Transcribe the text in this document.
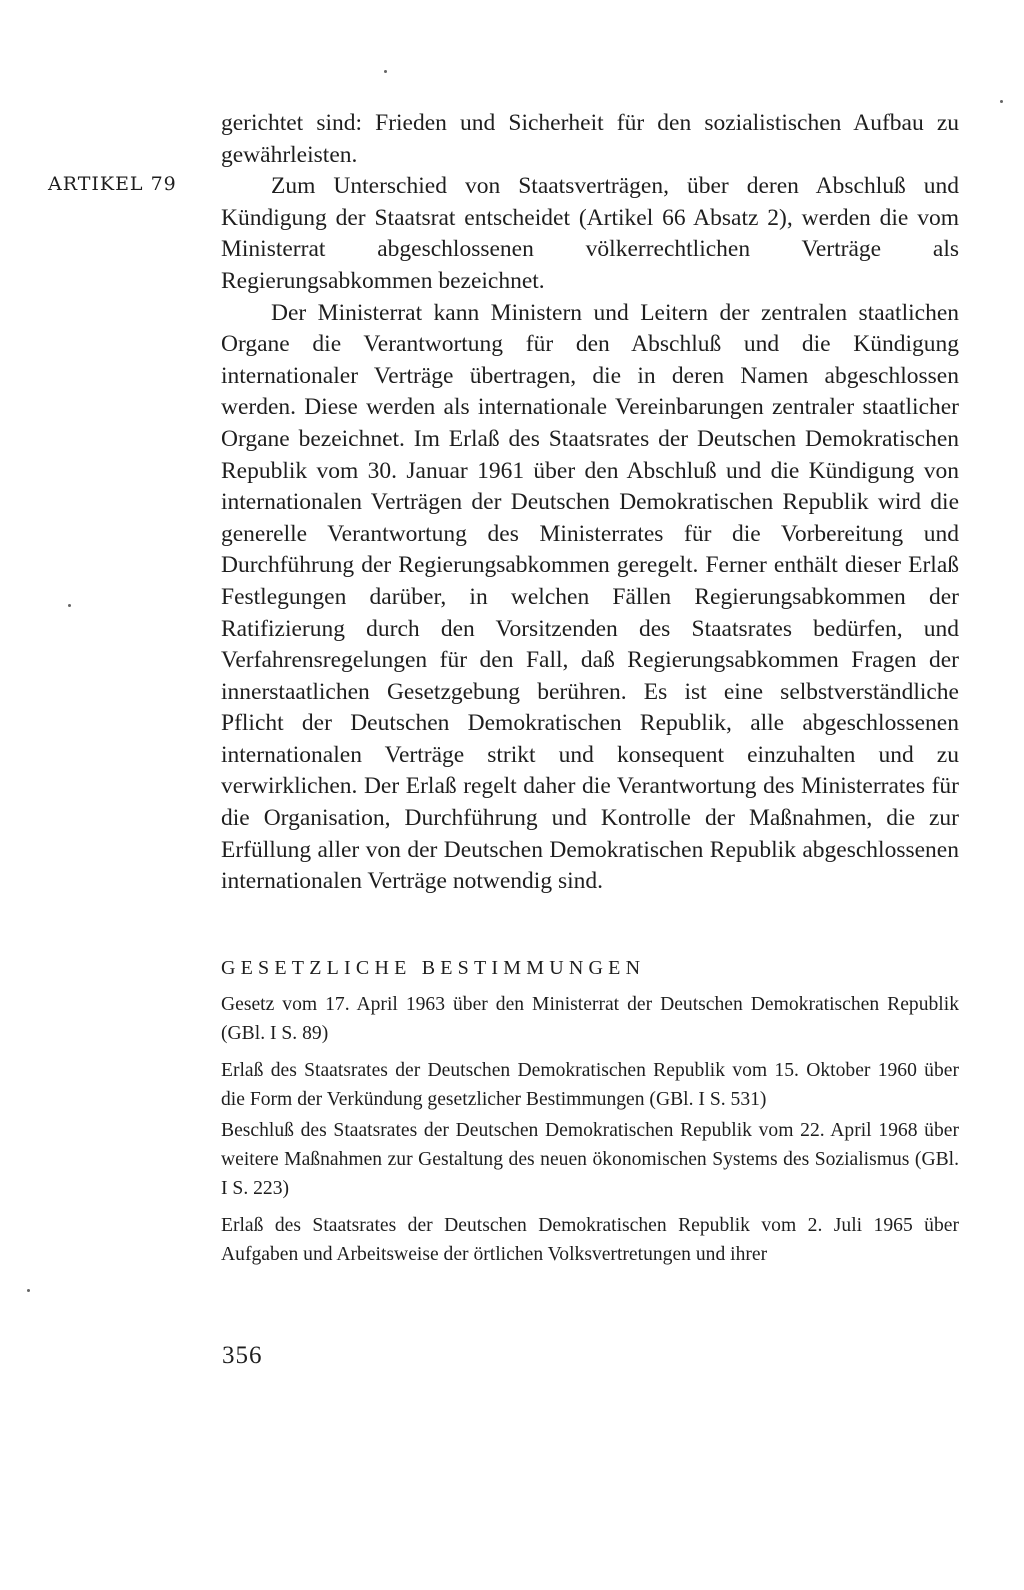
ARTIKEL 79

gerichtet sind: Frieden und Sicherheit für den sozialistischen Aufbau zu gewährleisten.

Zum Unterschied von Staatsverträgen, über deren Abschluß und Kündigung der Staatsrat entscheidet (Artikel 66 Absatz 2), werden die vom Ministerrat abgeschlossenen völkerrechtlichen Verträge als Regierungsabkommen bezeichnet.

Der Ministerrat kann Ministern und Leitern der zentralen staatlichen Organe die Verantwortung für den Abschluß und die Kündigung internationaler Verträge übertragen, die in deren Namen abgeschlossen werden. Diese werden als internationale Vereinbarungen zentraler staatlicher Organe bezeichnet. Im Erlaß des Staatsrates der Deutschen Demokratischen Republik vom 30. Januar 1961 über den Abschluß und die Kündigung von internationalen Verträgen der Deutschen Demokratischen Republik wird die generelle Verantwortung des Ministerrates für die Vorbereitung und Durchführung der Regierungsabkommen geregelt. Ferner enthält dieser Erlaß Festlegungen darüber, in welchen Fällen Regierungsabkommen der Ratifizierung durch den Vorsitzenden des Staatsrates bedürfen, und Verfahrensregelungen für den Fall, daß Regierungsabkommen Fragen der innerstaatlichen Gesetzgebung berühren. Es ist eine selbstverständliche Pflicht der Deutschen Demokratischen Republik, alle abgeschlossenen internationalen Verträge strikt und konsequent einzuhalten und zu verwirklichen. Der Erlaß regelt daher die Verantwortung des Ministerrates für die Organisation, Durchführung und Kontrolle der Maßnahmen, die zur Erfüllung aller von der Deutschen Demokratischen Republik abgeschlossenen internationalen Verträge notwendig sind.

GESETZLICHE BESTIMMUNGEN

Gesetz vom 17. April 1963 über den Ministerrat der Deutschen Demokratischen Republik (GBl. I S. 89)

Erlaß des Staatsrates der Deutschen Demokratischen Republik vom 15. Oktober 1960 über die Form der Verkündung gesetzlicher Bestimmungen (GBl. I S. 531)

Beschluß des Staatsrates der Deutschen Demokratischen Republik vom 22. April 1968 über weitere Maßnahmen zur Gestaltung des neuen ökonomischen Systems des Sozialismus (GBl. I S. 223)

Erlaß des Staatsrates der Deutschen Demokratischen Republik vom 2. Juli 1965 über Aufgaben und Arbeitsweise der örtlichen Volksvertretungen und ihrer

356
